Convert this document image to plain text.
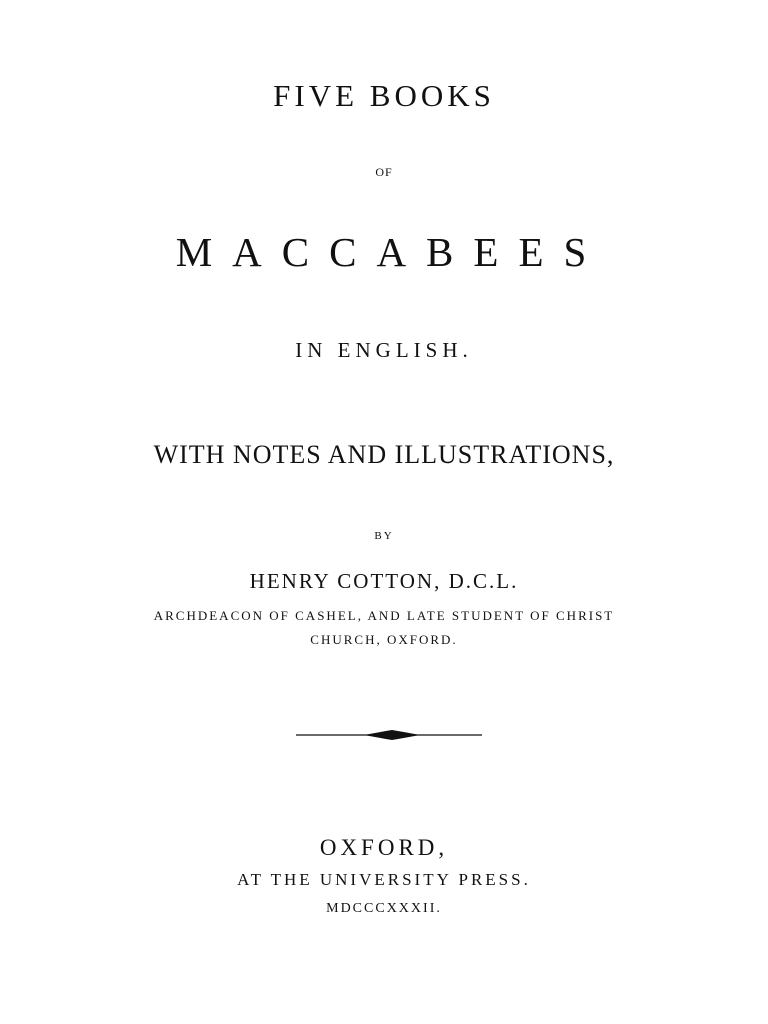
FIVE BOOKS
OF
MACCABEES
IN ENGLISH.
WITH NOTES AND ILLUSTRATIONS,
BY
HENRY COTTON, D.C.L.
ARCHDEACON OF CASHEL, AND LATE STUDENT OF CHRIST
CHURCH, OXFORD.
OXFORD,
AT THE UNIVERSITY PRESS.
MDCCCXXXII.
